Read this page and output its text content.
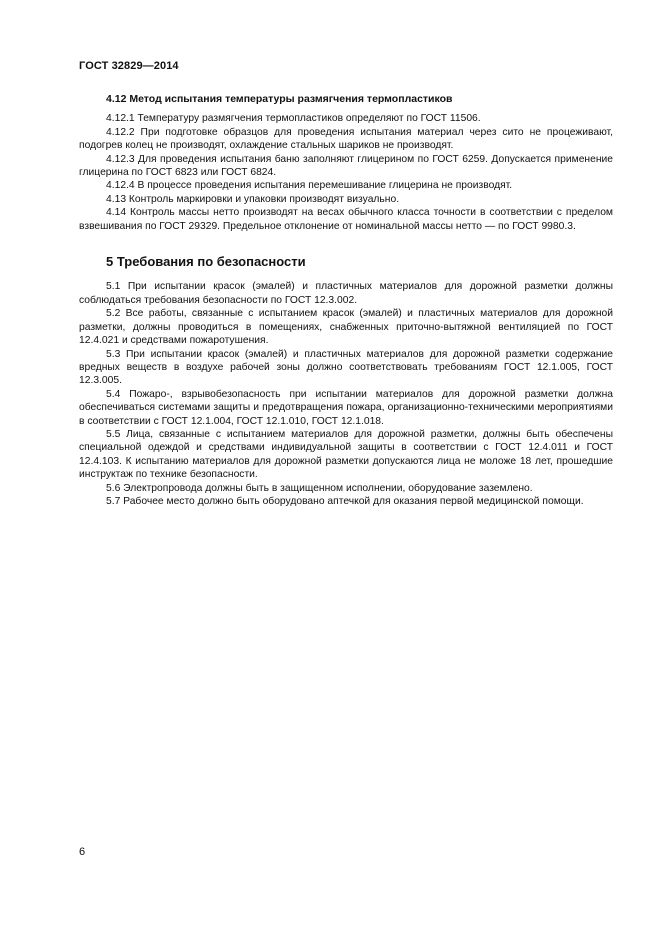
ГОСТ 32829—2014

4.12 Метод испытания температуры размягчения термопластиков

4.12.1 Температуру размягчения термопластиков определяют по ГОСТ 11506.

4.12.2 При подготовке образцов для проведения испытания материал через сито не процеживают, подогрев колец не производят, охлаждение стальных шариков не производят.

4.12.3 Для проведения испытания баню заполняют глицерином по ГОСТ 6259. Допускается применение глицерина по ГОСТ 6823 или ГОСТ 6824.

4.12.4 В процессе проведения испытания перемешивание глицерина не производят.

4.13 Контроль маркировки и упаковки производят визуально.

4.14 Контроль массы нетто производят на весах обычного класса точности в соответствии с пределом взвешивания по ГОСТ 29329. Предельное отклонение от номинальной массы нетто — по ГОСТ 9980.3.

5 Требования по безопасности

5.1 При испытании красок (эмалей) и пластичных материалов для дорожной разметки должны соблюдаться требования безопасности по ГОСТ 12.3.002.

5.2 Все работы, связанные с испытанием красок (эмалей) и пластичных материалов для дорожной разметки, должны проводиться в помещениях, снабженных приточно-вытяжной вентиляцией по ГОСТ 12.4.021 и средствами пожаротушения.

5.3 При испытании красок (эмалей) и пластичных материалов для дорожной разметки содержание вредных веществ в воздухе рабочей зоны должно соответствовать требованиям ГОСТ 12.1.005, ГОСТ 12.3.005.

5.4 Пожаро-, взрывобезопасность при испытании материалов для дорожной разметки должна обеспечиваться системами защиты и предотвращения пожара, организационно-техническими мероприятиями в соответствии с ГОСТ 12.1.004, ГОСТ 12.1.010, ГОСТ 12.1.018.

5.5 Лица, связанные с испытанием материалов для дорожной разметки, должны быть обеспечены специальной одеждой и средствами индивидуальной защиты в соответствии с ГОСТ 12.4.011 и ГОСТ 12.4.103. К испытанию материалов для дорожной разметки допускаются лица не моложе 18 лет, прошедшие инструктаж по технике безопасности.

5.6 Электропровода должны быть в защищенном исполнении, оборудование заземлено.

5.7 Рабочее место должно быть оборудовано аптечкой для оказания первой медицинской помощи.

6
